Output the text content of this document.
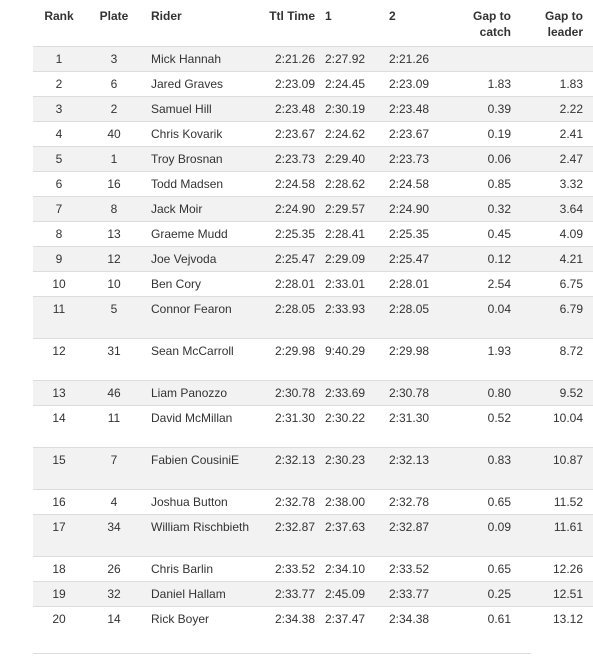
Rank	Plate	Rider	Ttl Time	1	2	Gap to catch	Gap to leader
1	3	Mick Hannah	2:21.26	2:27.92	2:21.26		
2	6	Jared Graves	2:23.09	2:24.45	2:23.09	1.83	1.83
3	2	Samuel Hill	2:23.48	2:30.19	2:23.48	0.39	2.22
4	40	Chris Kovarik	2:23.67	2:24.62	2:23.67	0.19	2.41
5	1	Troy Brosnan	2:23.73	2:29.40	2:23.73	0.06	2.47
6	16	Todd Madsen	2:24.58	2:28.62	2:24.58	0.85	3.32
7	8	Jack Moir	2:24.90	2:29.57	2:24.90	0.32	3.64
8	13	Graeme Mudd	2:25.35	2:28.41	2:25.35	0.45	4.09
9	12	Joe Vejvoda	2:25.47	2:29.09	2:25.47	0.12	4.21
10	10	Ben Cory	2:28.01	2:33.01	2:28.01	2.54	6.75
11	5	Connor Fearon	2:28.05	2:33.93	2:28.05	0.04	6.79
12	31	Sean McCarroll	2:29.98	9:40.29	2:29.98	1.93	8.72
13	46	Liam Panozzo	2:30.78	2:33.69	2:30.78	0.80	9.52
14	11	David McMillan	2:31.30	2:30.22	2:31.30	0.52	10.04
15	7	Fabien CousiniE	2:32.13	2:30.23	2:32.13	0.83	10.87
16	4	Joshua Button	2:32.78	2:38.00	2:32.78	0.65	11.52
17	34	William Rischbieth	2:32.87	2:37.63	2:32.87	0.09	11.61
18	26	Chris Barlin	2:33.52	2:34.10	2:33.52	0.65	12.26
19	32	Daniel Hallam	2:33.77	2:45.09	2:33.77	0.25	12.51
20	14	Rick Boyer	2:34.38	2:37.47	2:34.38	0.61	13.12
